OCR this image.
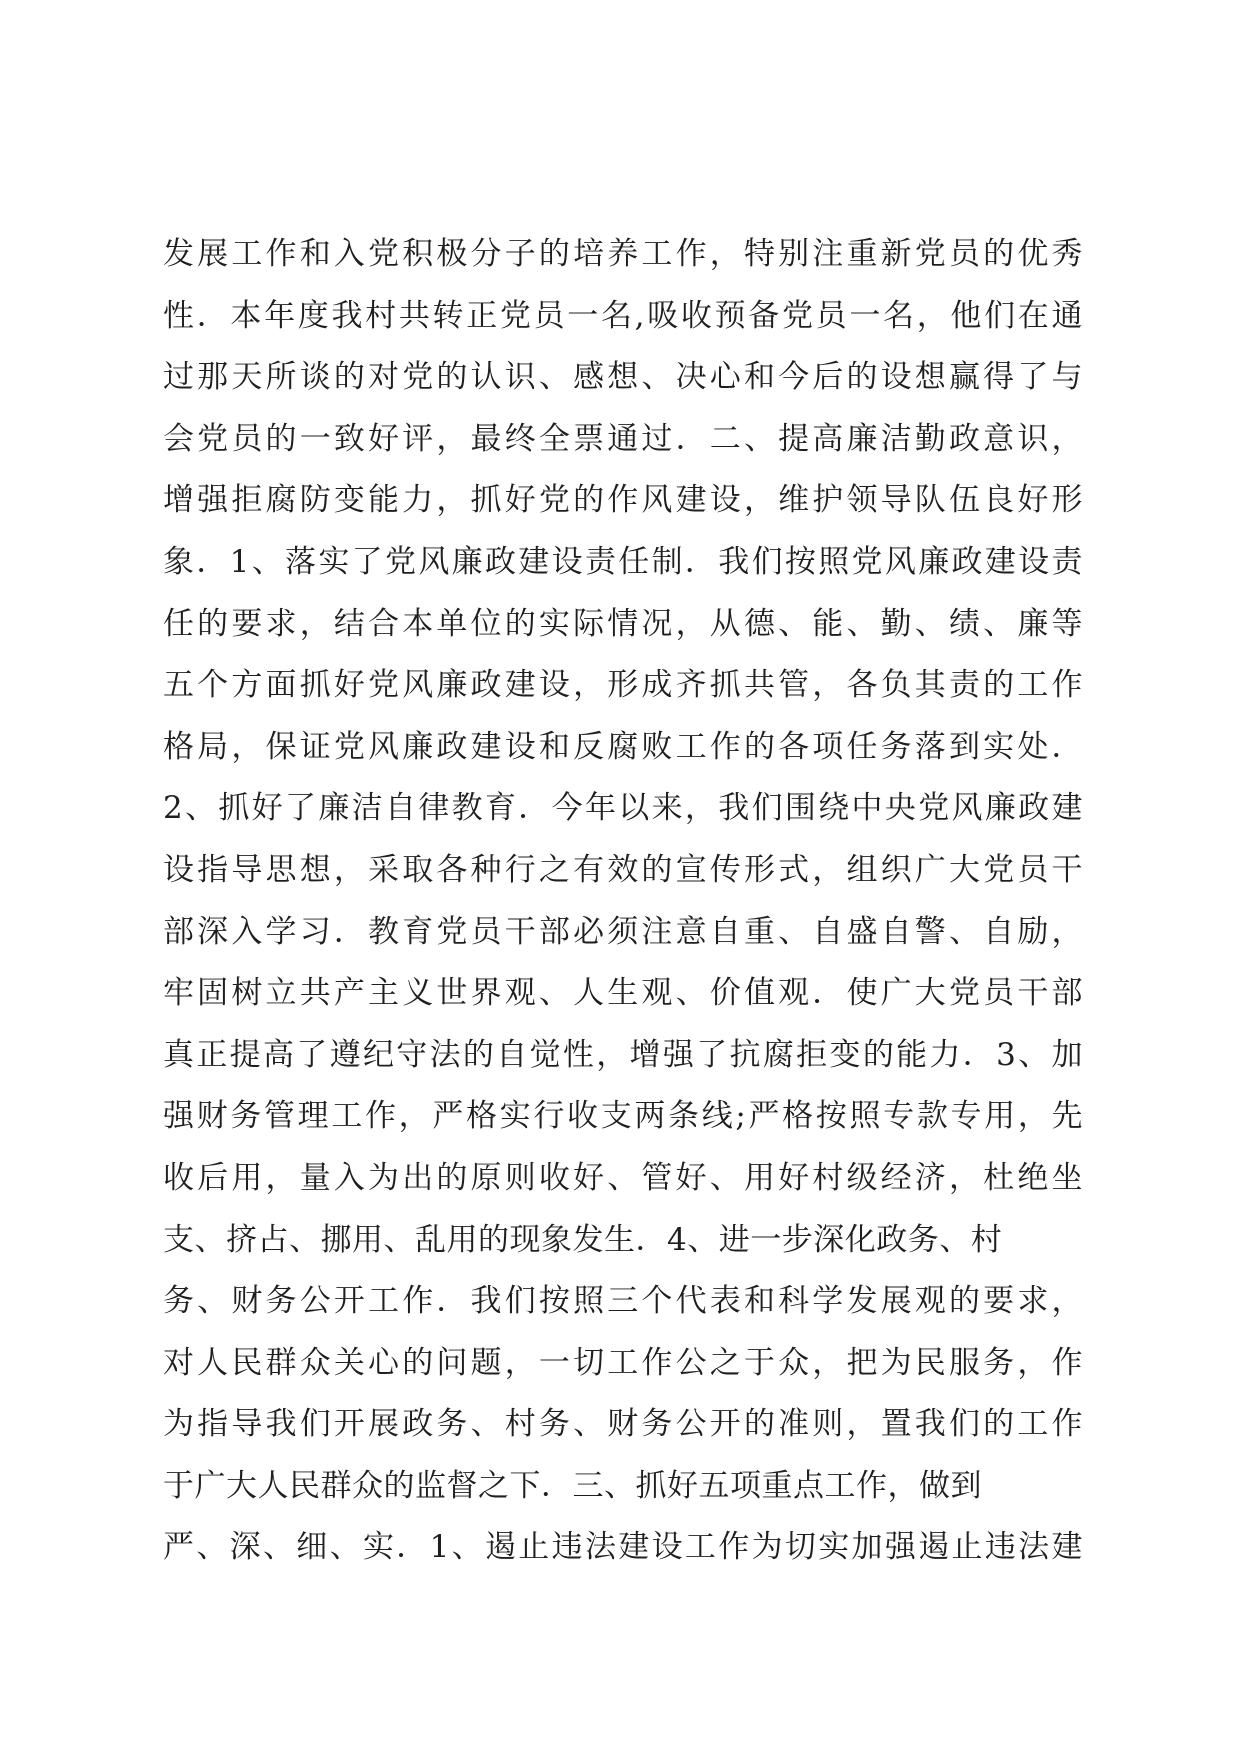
发展工作和入党积极分子的培养工作，特别注重新党员的优秀
性．本年度我村共转正党员一名,吸收预备党员一名，他们在通
过那天所谈的对党的认识、感想、决心和今后的设想赢得了与
会党员的一致好评，最终全票通过．二、提高廉洁勤政意识，
增强拒腐防变能力，抓好党的作风建设，维护领导队伍良好形
象．1、落实了党风廉政建设责任制．我们按照党风廉政建设责
任的要求，结合本单位的实际情况，从德、能、勤、绩、廉等
五个方面抓好党风廉政建设，形成齐抓共管，各负其责的工作
格局，保证党风廉政建设和反腐败工作的各项任务落到实处．
2、抓好了廉洁自律教育．今年以来，我们围绕中央党风廉政建
设指导思想，采取各种行之有效的宣传形式，组织广大党员干
部深入学习．教育党员干部必须注意自重、自盛自警、自励，
牢固树立共产主义世界观、人生观、价值观．使广大党员干部
真正提高了遵纪守法的自觉性，增强了抗腐拒变的能力．3、加
强财务管理工作，严格实行收支两条线;严格按照专款专用，先
收后用，量入为出的原则收好、管好、用好村级经济，杜绝坐
支、挤占、挪用、乱用的现象发生．4、进一步深化政务、村
务、财务公开工作．我们按照三个代表和科学发展观的要求，
对人民群众关心的问题，一切工作公之于众，把为民服务，作
为指导我们开展政务、村务、财务公开的准则，置我们的工作
于广大人民群众的监督之下．三、抓好五项重点工作，做到
严、深、细、实．1、遏止违法建设工作为切实加强遏止违法建
